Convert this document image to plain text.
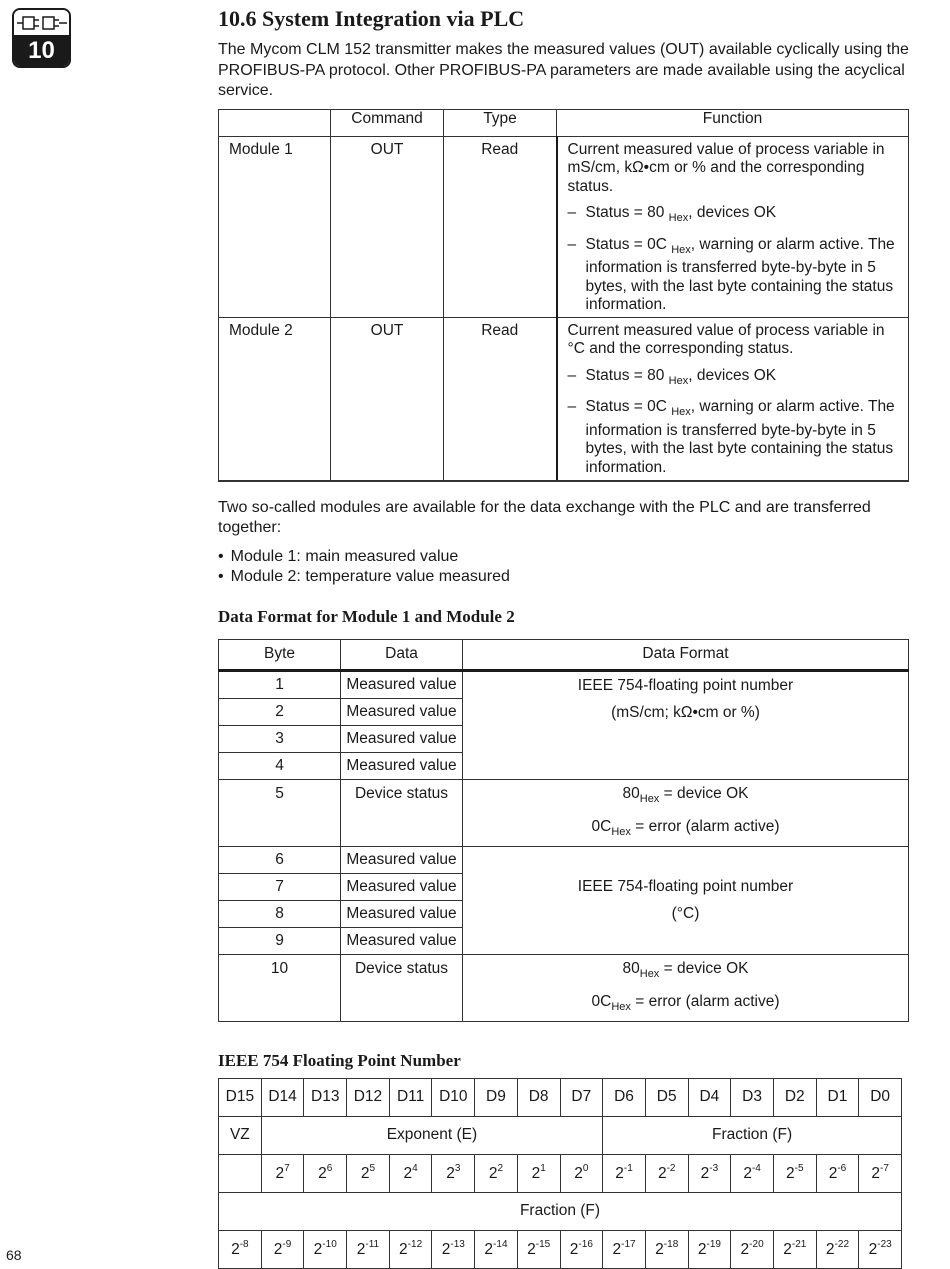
10
68
10.6 System Integration via PLC

The Mycom CLM 152 transmitter makes the measured values (OUT) available cyclically using the PROFIBUS-PA protocol. Other PROFIBUS-PA parameters are made available using the acyclical service.

	Command	Type	Function
Module 1	OUT	Read	Current measured value of process variable in mS/cm, kΩ•cm or % and the corresponding status.
– Status = 80 $_{Hex}$, devices OK
– Status = 0C $_{Hex}$, warning or alarm active. The information is transferred byte-by-byte in 5 bytes, with the last byte containing the status information.

Module 2	OUT	Read	Current measured value of process variable in °C and the corresponding status.
– Status = 80 $_{Hex}$, devices OK
– Status = 0C $_{Hex}$, warning or alarm active. The information is transferred byte-by-byte in 5 bytes, with the last byte containing the status information.

Two so-called modules are available for the data exchange with the PLC and are transferred together:

• Module 1: main measured value
• Module 2: temperature value measured
Data Format for Module 1 and Module 2
Byte	Data	Data Format
1	Measured value	IEEE 754-floating point number
(mS/cm; kΩ•cm or %)

2	Measured value	
3	Measured value	
4	Measured value	
5	Device status	$80_{Hex}$ = device OK
$0C_{Hex}$ = error (alarm active)

6	Measured value	IEEE 754-floating point number
(°C)

7	Measured value	
8	Measured value	
9	Measured value	
10	Device status	$80_{Hex}$ = device OK
$0C_{Hex}$ = error (alarm active)
IEEE 754 Floating Point Number
D15	D14	D13	D12	D11	D10	D9	D8	D7	D6	D5	D4	D3	D2	D1	D0
VZ	Exponent (E)								Fraction (F)						
	$2^7$	$2^6$	$2^5$	$2^4$	$2^3$	$2^2$	$2^1$	$2^0$	$2^{-1}$	$2^{-2}$	$2^{-3}$	$2^{-4}$	$2^{-5}$	$2^{-6}$	$2^{-7}$
Fraction (F)															
$2^{-8}$	$2^{-9}$	$2^{-10}$	$2^{-11}$	$2^{-12}$	$2^{-13}$	$2^{-14}$	$2^{-15}$	$2^{-16}$	$2^{-17}$	$2^{-18}$	$2^{-19}$	$2^{-20}$	$2^{-21}$	$2^{-22}$	$2^{-23}$
